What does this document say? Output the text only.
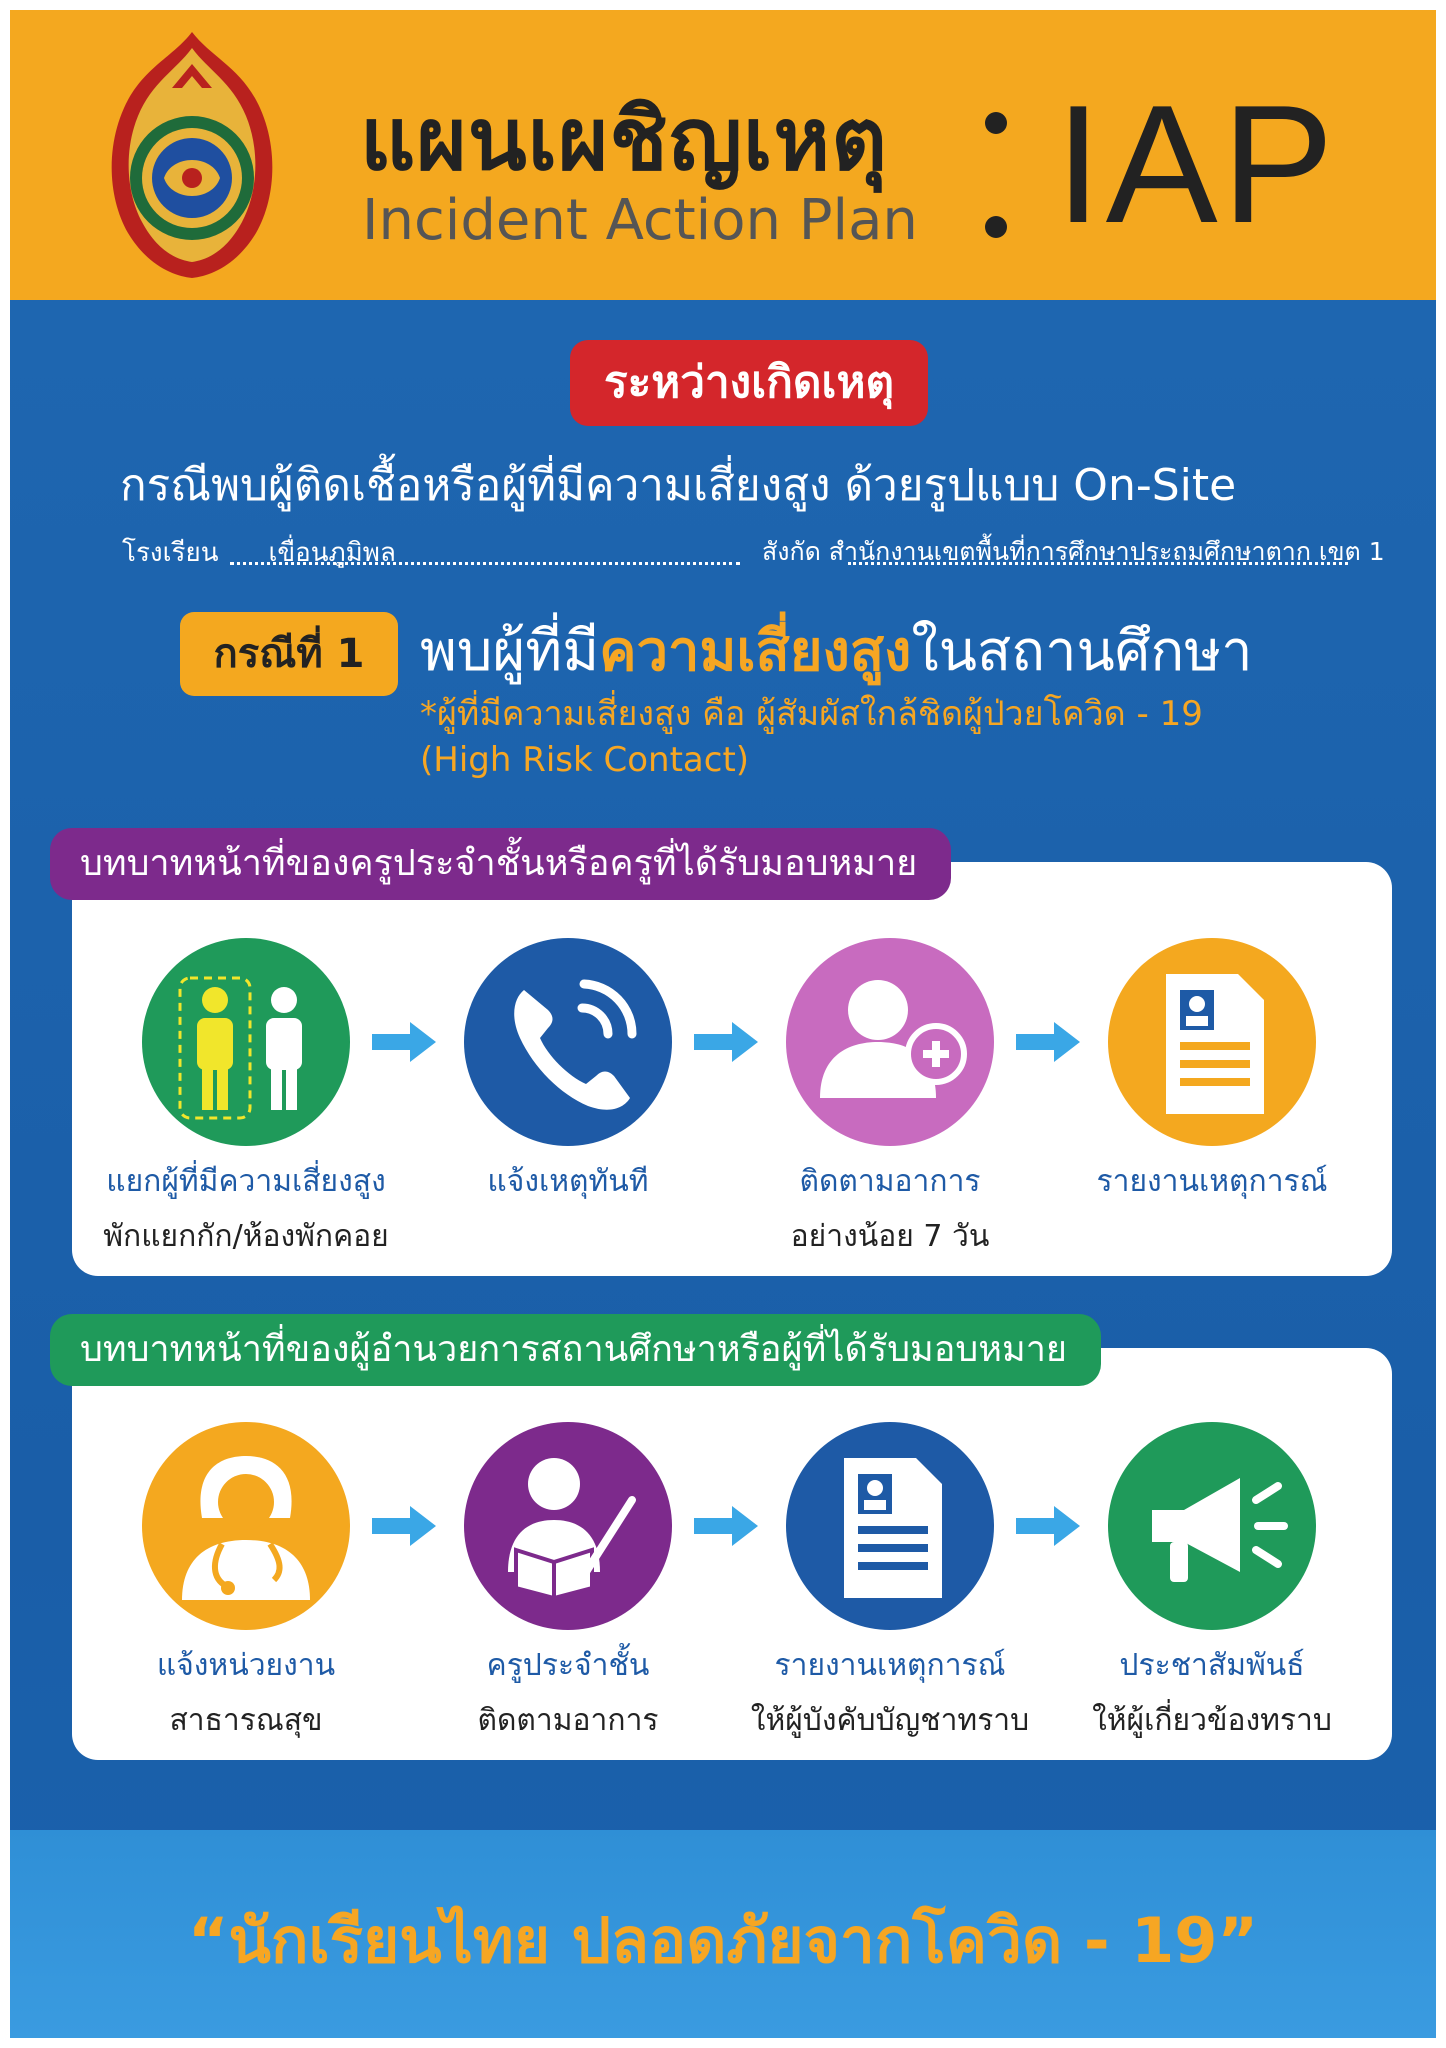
แผนเผชิญเหตุ
Incident Action Plan IAP
ระหว่างเกิดเหตุ
กรณีพบผู้ติดเชื้อหรือผู้ที่มีความเสี่ยงสูง ด้วยรูปแบบ On-Site
โรงเรียน เขื่อนภูมิพล	สังกัด สำนักงานเขตพื้นที่การศึกษาประถมศึกษาตาก เขต 1
กรณีที่ 1 พบผู้ที่มีความเสี่ยงสูงในสถานศึกษา
*ผู้ที่มีความเสี่ยงสูง คือ ผู้สัมผัสใกล้ชิดผู้ป่วยโควิด - 19
(High Risk Contact)
บทบาทหน้าที่ของครูประจำชั้นหรือครูที่ได้รับมอบหมาย
แยกผู้ที่มีความเสี่ยงสูง
พักแยกกัก/ห้องพักคอย
แจ้งเหตุทันที	ติดตามอาการ
อย่างน้อย 7 วัน
รายงานเหตุการณ์
บทบาทหน้าที่ของผู้อำนวยการสถานศึกษาหรือผู้ที่ได้รับมอบหมาย
แจ้งหน่วยงาน
สาธารณสุข
ครูประจำชั้น
ติดตามอาการ
รายงานเหตุการณ์
ให้ผู้บังคับบัญชาทราบ
ประชาสัมพันธ์
ให้ผู้เกี่ยวข้องทราบ
“นักเรียนไทย ปลอดภัยจากโควิด - 19”
